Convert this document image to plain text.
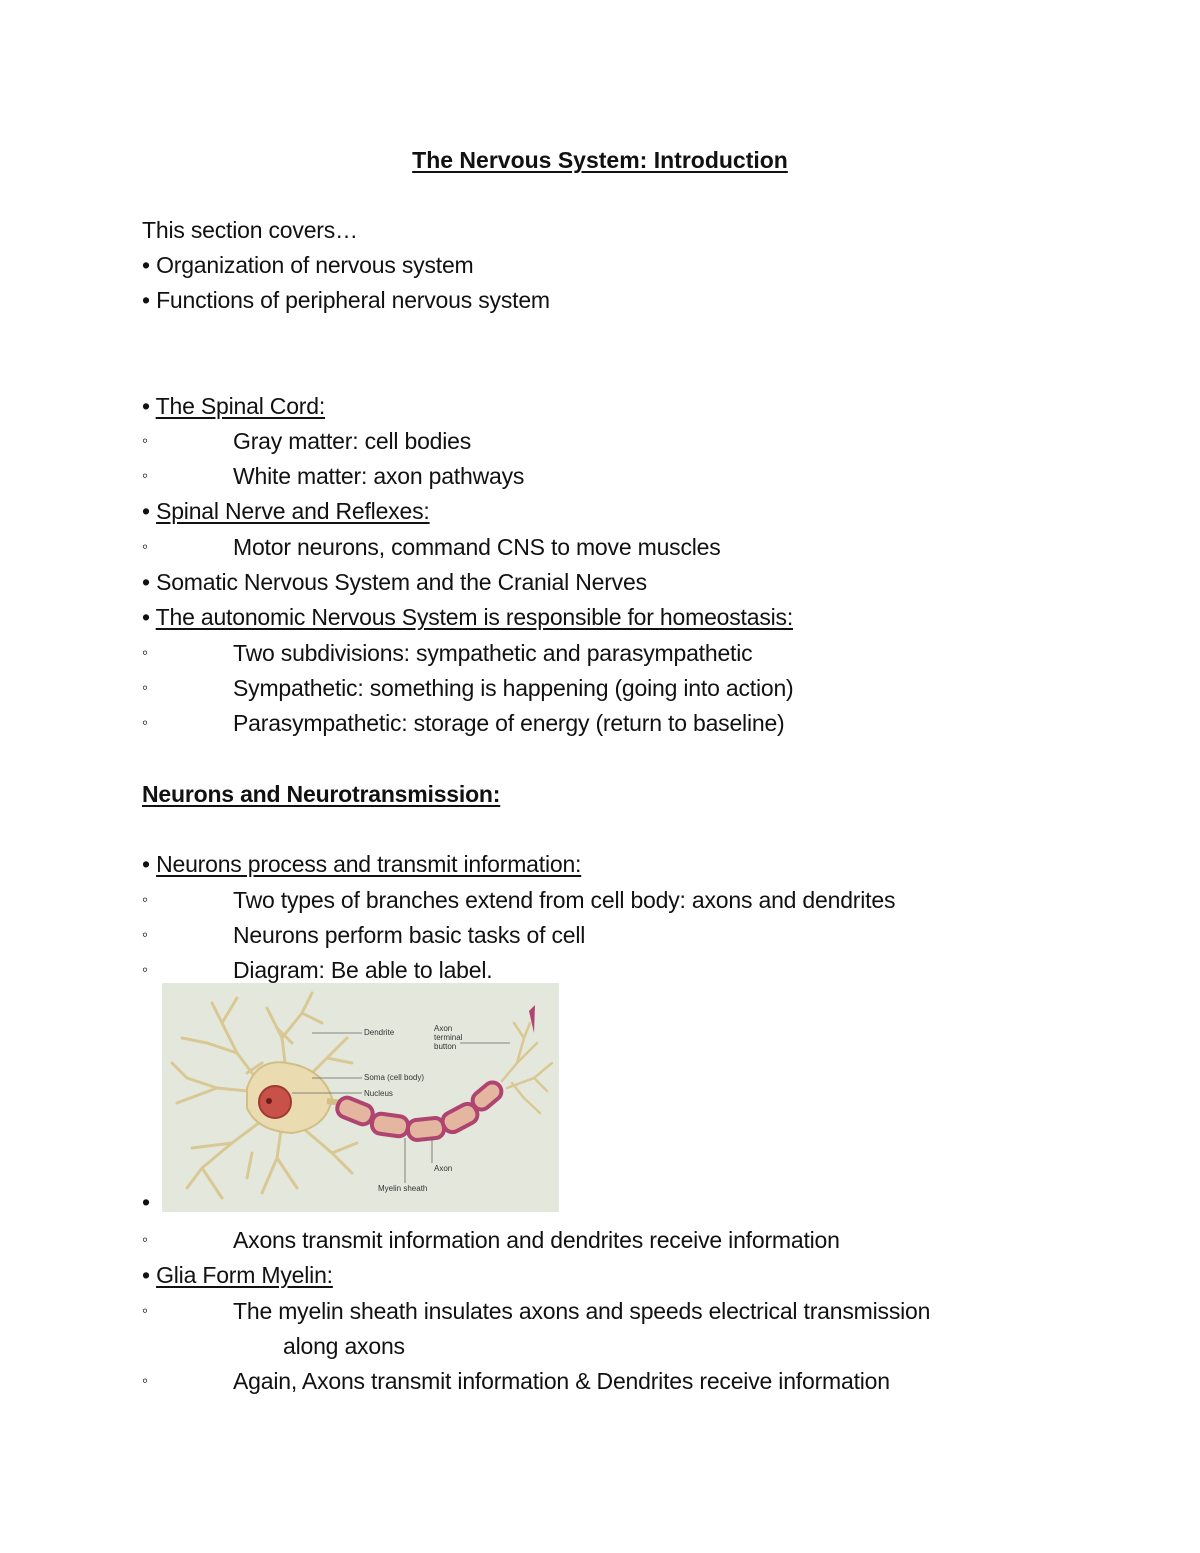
The Nervous System: Introduction
This section covers…
• Organization of nervous system
• Functions of peripheral nervous system
• The Spinal Cord:
◦	Gray matter: cell bodies
◦	White matter: axon pathways
• Spinal Nerve and Reflexes:
◦	Motor neurons, command CNS to move muscles
• Somatic Nervous System and the Cranial Nerves
• The autonomic Nervous System is responsible for homeostasis:
◦	Two subdivisions: sympathetic and parasympathetic
◦	Sympathetic: something is happening (going into action)
◦	Parasympathetic: storage of energy (return to baseline)
Neurons and Neurotransmission:
• Neurons process and transmit information:
◦	Two types of branches extend from cell body: axons and dendrites
◦	Neurons perform basic tasks of cell
◦	Diagram: Be able to label.
Dendrite	Axon
terminal
button
Soma (cell body)
Nucleus
Axon
Myelin sheath
•
◦	Axons transmit information and dendrites receive information
• Glia Form Myelin:
◦	The myelin sheath insulates axons and speeds electrical transmission
along axons
◦	Again, Axons transmit information & Dendrites receive information
